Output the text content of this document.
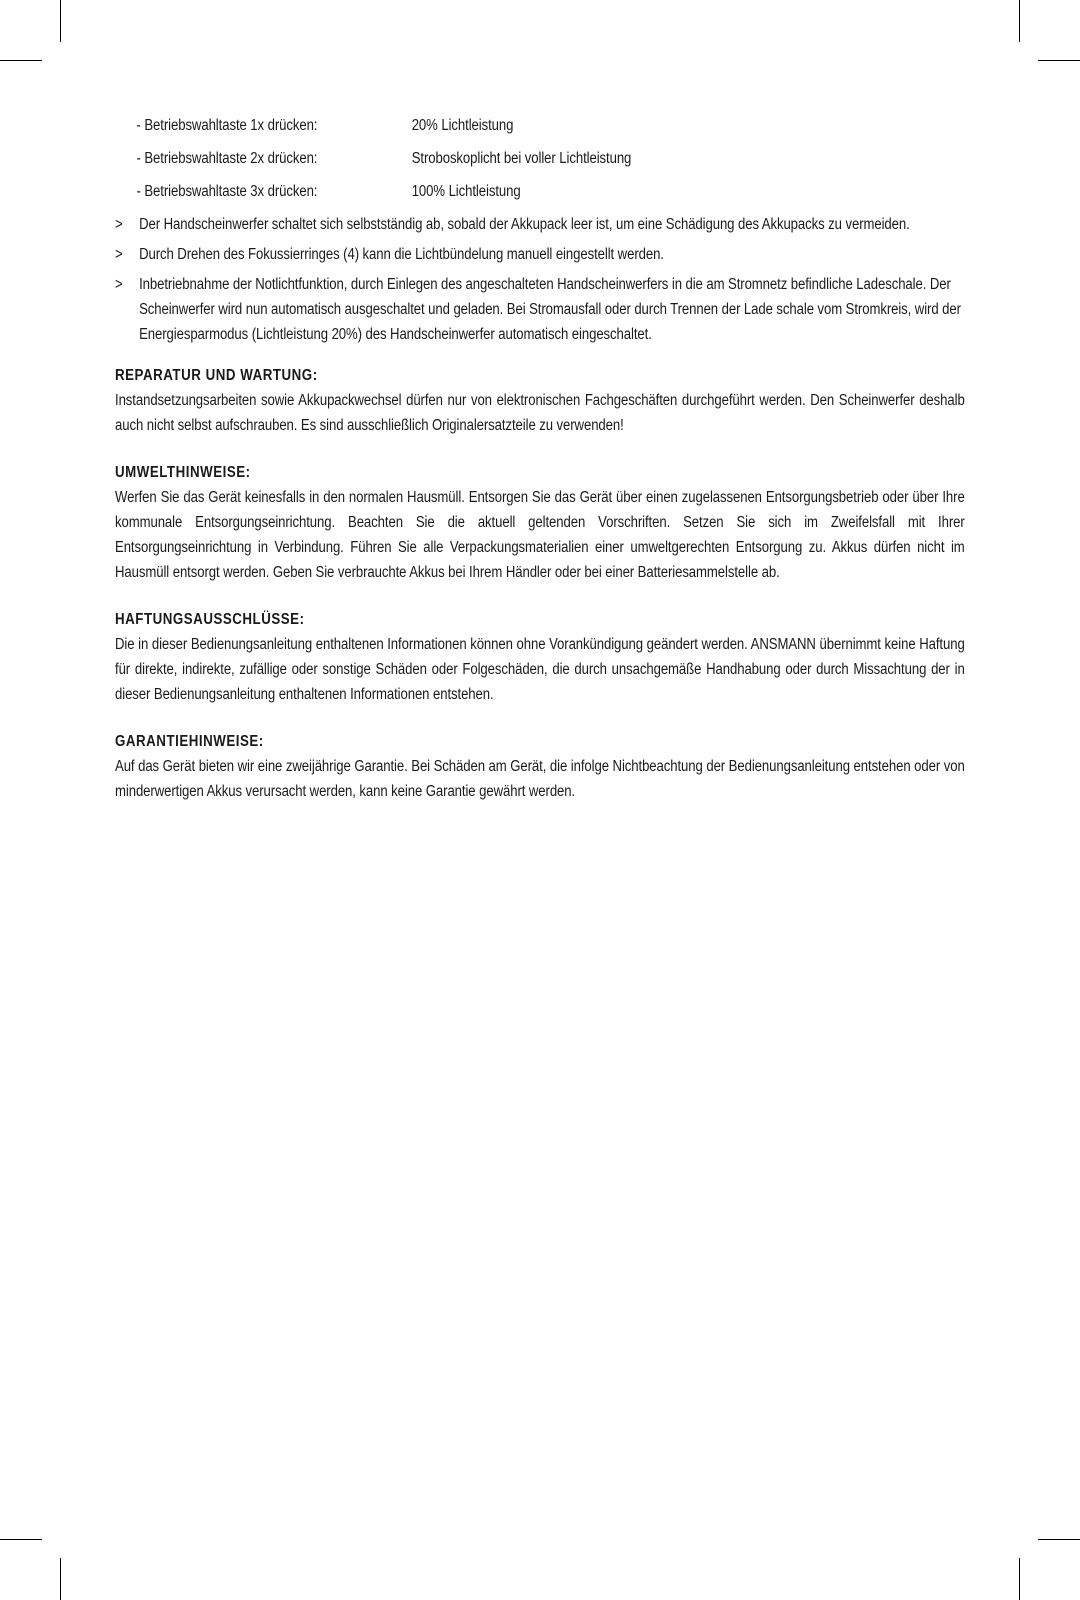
- Betriebswahltaste 1x drücken:	20% Lichtleistung
- Betriebswahltaste 2x drücken:	Stroboskoplicht bei voller Lichtleistung
- Betriebswahltaste 3x drücken:	100% Lichtleistung
>	Der Handscheinwerfer schaltet sich selbstständig ab, sobald der Akkupack leer ist, um eine Schädigung des Akkupacks zu vermeiden.
>	Durch Drehen des Fokussierringes (4) kann die Lichtbündelung manuell eingestellt werden.
>	Inbetriebnahme der Notlichtfunktion, durch Einlegen des angeschalteten Handscheinwerfers in die am Stromnetz befindliche Ladeschale. Der Scheinwerfer wird nun automatisch ausgeschaltet und geladen. Bei Stromausfall oder durch Trennen der Lade schale vom Stromkreis, wird der Energiesparmodus (Lichtleistung 20%) des Handscheinwerfer automatisch eingeschaltet.
REPARATUR UND WARTUNG:
Instandsetzungsarbeiten sowie Akkupackwechsel dürfen nur von elektronischen Fachgeschäften durchgeführt werden. Den Scheinwerfer deshalb auch nicht selbst aufschrauben. Es sind ausschließlich Originalersatzteile zu verwenden!
UMWELTHINWEISE:
Werfen Sie das Gerät keinesfalls in den normalen Hausmüll. Entsorgen Sie das Gerät über einen zugelassenen Entsorgungsbetrieb oder über Ihre kommunale Entsorgungseinrichtung. Beachten Sie die aktuell geltenden Vorschriften. Setzen Sie sich im Zweifelsfall mit Ihrer Entsorgungseinrichtung in Verbindung. Führen Sie alle Verpackungsmaterialien einer umweltgerechten Entsorgung zu. Akkus dürfen nicht im Hausmüll entsorgt werden. Geben Sie verbrauchte Akkus bei Ihrem Händler oder bei einer Batteriesammelstelle ab.
HAFTUNGSAUSSCHLÜSSE:
Die in dieser Bedienungsanleitung enthaltenen Informationen können ohne Vorankündigung geändert werden. ANSMANN übernimmt keine Haftung für direkte, indirekte, zufällige oder sonstige Schäden oder Folgeschäden, die durch unsachgemäße Handhabung oder durch Missachtung der in dieser Bedienungsanleitung enthaltenen Informationen entstehen.
GARANTIEHINWEISE:
Auf das Gerät bieten wir eine zweijährige Garantie. Bei Schäden am Gerät, die infolge Nichtbeachtung der Bedienungsanleitung entstehen oder von minderwertigen Akkus verursacht werden, kann keine Garantie gewährt werden.
